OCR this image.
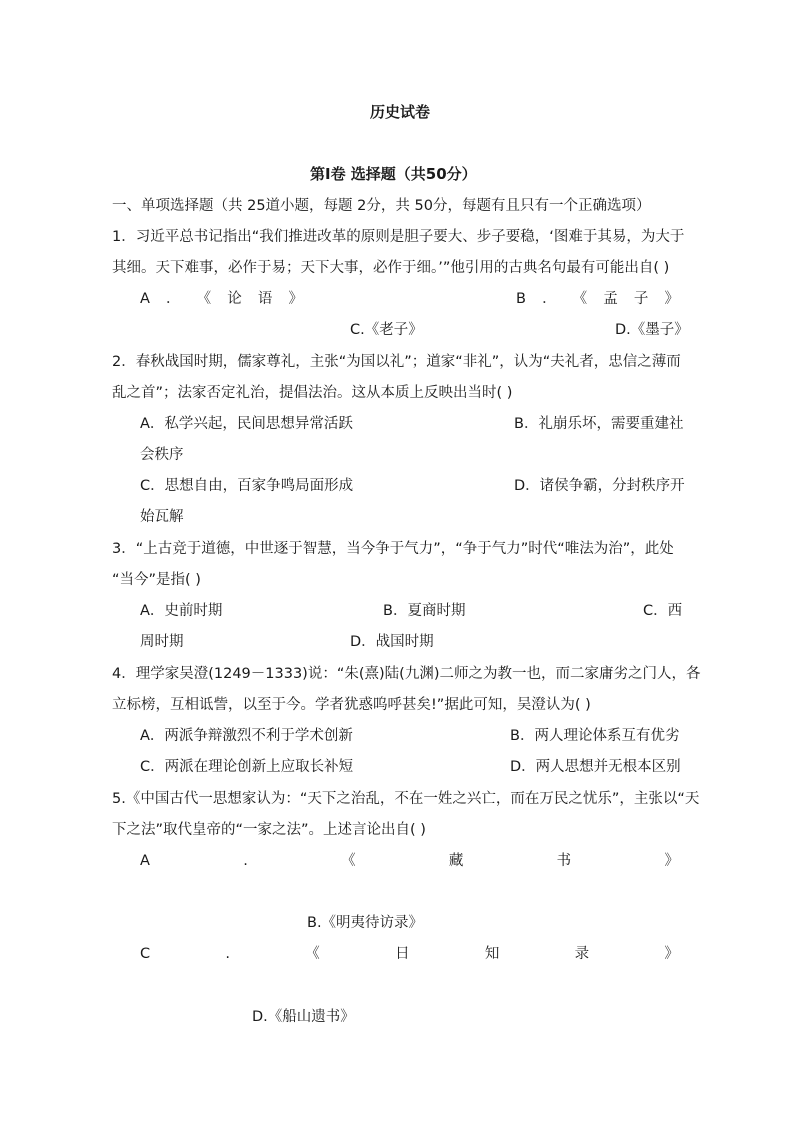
历史试卷
第Ⅰ卷 选择题（共50分）
一、单项选择题（共 25道小题，每题 2分，共 50分，每题有且只有一个正确选项）
1．习近平总书记指出“我们推进改革的原则是胆子要大、步子要稳，‘图难于其易，为大于
其细。天下难事，必作于易；天下大事，必作于细。’”他引用的古典名句最有可能出自( )
A ． 《 论 语 》	B ． 《 孟 子 》
C.《老子》	D.《墨子》
2．春秋战国时期，儒家尊礼，主张“为国以礼”；道家“非礼”，认为“夫礼者，忠信之薄而
乱之首”；法家否定礼治，提倡法治。这从本质上反映出当时( )
A．私学兴起，民间思想异常活跃	B．礼崩乐坏，需要重建社
会秩序
C．思想自由，百家争鸣局面形成	D．诸侯争霸，分封秩序开
始瓦解
3．“上古竞于道德，中世逐于智慧，当今争于气力”，“争于气力”时代“唯法为治”，此处
“当今”是指( )
A．史前时期	B．夏商时期	C．西
周时期	D．战国时期
4．理学家吴澄(1249－1333)说：“朱(熹)陆(九渊)二师之为教一也，而二家庸劣之门人，各
立标榜，互相诋訾，以至于今。学者犹惑呜呼甚矣!”据此可知，吴澄认为( )
A．两派争辩激烈不利于学术创新	B．两人理论体系互有优劣
C．两派在理论创新上应取长补短	D．两人思想并无根本区别
5.《中国古代一思想家认为：“天下之治乱，不在一姓之兴亡，而在万民之忧乐”，主张以“天
下之法”取代皇帝的“一家之法”。上述言论出自( )
A	.	《	藏	书	》
B.《明夷待访录》
C	.	《	日	知	录	》
D.《船山遗书》
